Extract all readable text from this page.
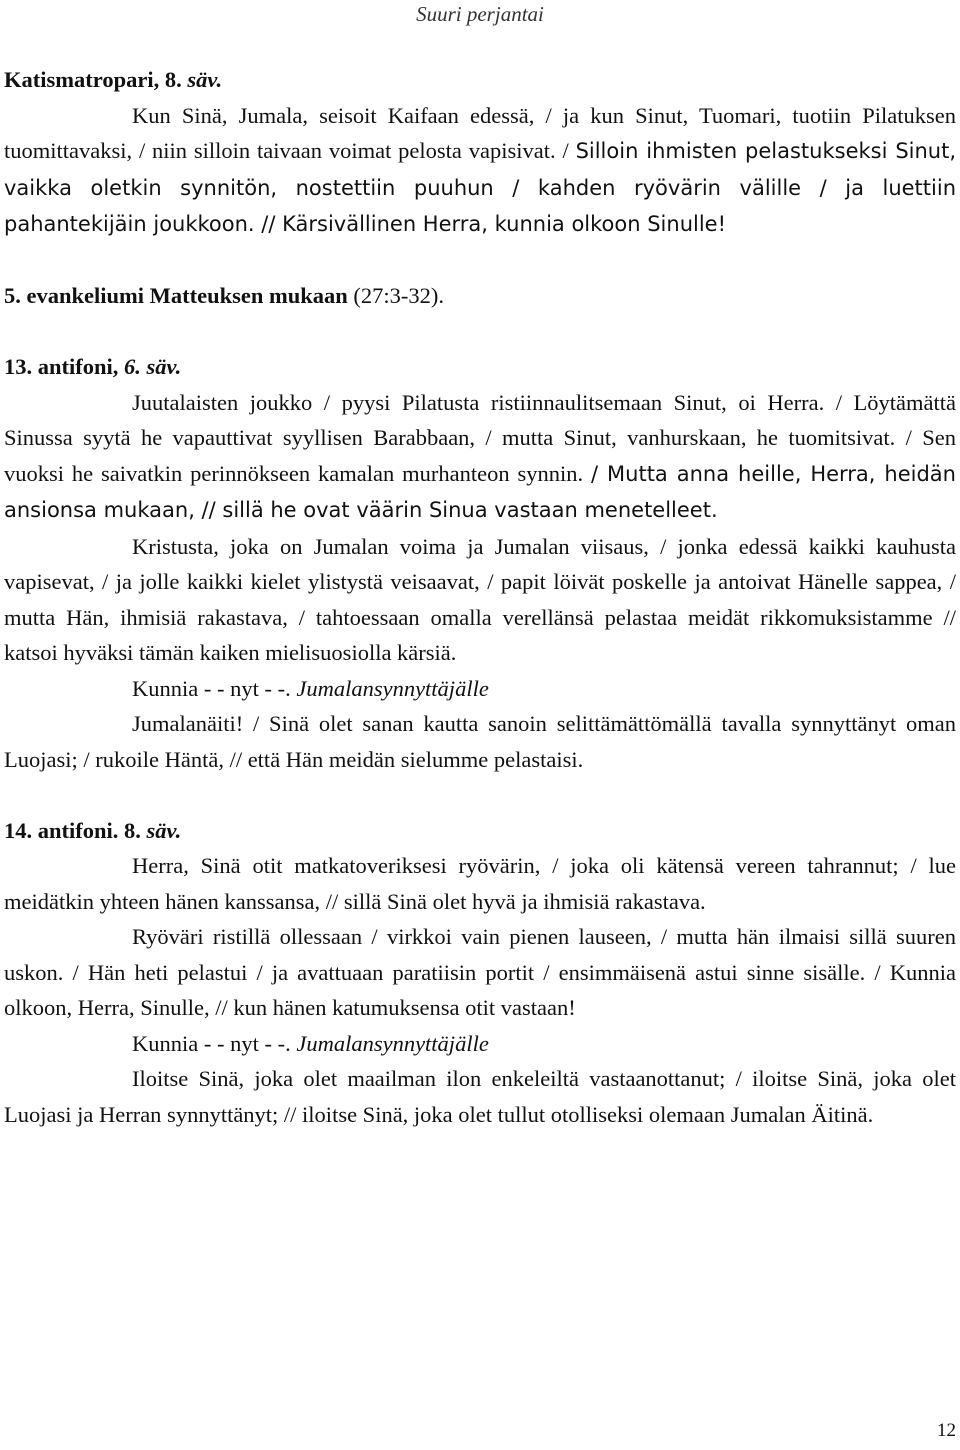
Suuri perjantai

Katismatropari, 8. säv.

Kun Sinä, Jumala, seisoit Kaifaan edessä, / ja kun Sinut, Tuomari, tuotiin Pilatuksen tuomittavaksi, / niin silloin taivaan voimat pelosta vapisivat. / Silloin ihmisten pelastukseksi Sinut, vaikka oletkin synnitön, nostettiin puuhun / kahden ryövärin välille / ja luettiin pahantekijäin joukkoon. // Kärsivällinen Herra, kunnia olkoon Sinulle!

5. evankeliumi Matteuksen mukaan (27:3-32).

13. antifoni, 6. säv.

Juutalaisten joukko / pyysi Pilatusta ristiinnaulitsemaan Sinut, oi Herra. / Löytämättä Sinussa syytä he vapauttivat syyllisen Barabbaan, / mutta Sinut, vanhurskaan, he tuomitsivat. / Sen vuoksi he saivatkin perinnökseen kamalan murhanteon synnin. / Mutta anna heille, Herra, heidän ansionsa mukaan, // sillä he ovat väärin Sinua vastaan menetelleet.

Kristusta, joka on Jumalan voima ja Jumalan viisaus, / jonka edessä kaikki kauhusta vapisevat, / ja jolle kaikki kielet ylistystä veisaavat, / papit löivät poskelle ja antoivat Hänelle sappea, / mutta Hän, ihmisiä rakastava, / tahtoessaan omalla verellänsä pelastaa meidät rikkomuksistamme // katsoi hyväksi tämän kaiken mielisuosiolla kärsiä.

Kunnia - - nyt - -. Jumalansynnyttäjälle

Jumalanäiti! / Sinä olet sanan kautta sanoin selittämättömällä tavalla synnyttänyt oman Luojasi; / rukoile Häntä, // että Hän meidän sielumme pelastaisi.

14. antifoni. 8. säv.

Herra, Sinä otit matkatoveriksesi ryövärin, / joka oli kätensä vereen tahrannut; / lue meidätkin yhteen hänen kanssansa, // sillä Sinä olet hyvä ja ihmisiä rakastava.

Ryöväri ristillä ollessaan / virkkoi vain pienen lauseen, / mutta hän ilmaisi sillä suuren uskon. / Hän heti pelastui / ja avattuaan paratiisin portit / ensimmäisenä astui sinne sisälle. / Kunnia olkoon, Herra, Sinulle, // kun hänen katumuksensa otit vastaan!

Kunnia - - nyt - -. Jumalansynnyttäjälle

Iloitse Sinä, joka olet maailman ilon enkeleiltä vastaanottanut; / iloitse Sinä, joka olet Luojasi ja Herran synnyttänyt; // iloitse Sinä, joka olet tullut otolliseksi olemaan Jumalan Äitinä.

12
